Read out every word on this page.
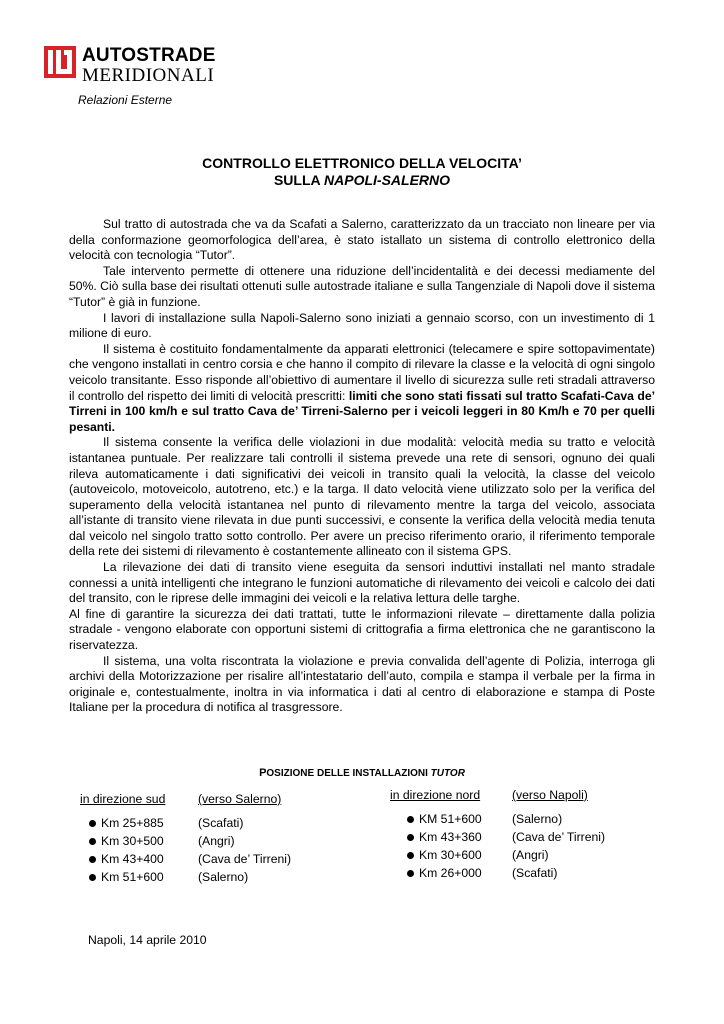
AUTOSTRADE
MERIDIONALI
Relazioni Esterne
CONTROLLO ELETTRONICO DELLA VELOCITA’
SULLA NAPOLI-SALERNO

Sul tratto di autostrada che va da Scafati a Salerno, caratterizzato da un tracciato non lineare per via della conformazione geomorfologica dell’area, è stato istallato un sistema di controllo elettronico della velocità con tecnologia “Tutor”.

Tale intervento permette di ottenere una riduzione dell’incidentalità e dei decessi mediamente del 50%. Ciò sulla base dei risultati ottenuti sulle autostrade italiane e sulla Tangenziale di Napoli dove il sistema “Tutor” è già in funzione.

I lavori di installazione sulla Napoli-Salerno sono iniziati a gennaio scorso, con un investimento di 1 milione di euro.

Il sistema è costituito fondamentalmente da apparati elettronici (telecamere e spire sottopavimentate) che vengono installati in centro corsia e che hanno il compito di rilevare la classe e la velocità di ogni singolo veicolo transitante. Esso risponde all’obiettivo di aumentare il livello di sicurezza sulle reti stradali attraverso il controllo del rispetto dei limiti di velocità prescritti: limiti che sono stati fissati sul tratto Scafati-Cava de’ Tirreni in 100 km/h e sul tratto Cava de’ Tirreni-Salerno per i veicoli leggeri in 80 Km/h e 70 per quelli pesanti.

Il sistema consente la verifica delle violazioni in due modalità: velocità media su tratto e velocità istantanea puntuale. Per realizzare tali controlli il sistema prevede una rete di sensori, ognuno dei quali rileva automaticamente i dati significativi dei veicoli in transito quali la velocità, la classe del veicolo (autoveicolo, motoveicolo, autotreno, etc.) e la targa. Il dato velocità viene utilizzato solo per la verifica del superamento della velocità istantanea nel punto di rilevamento mentre la targa del veicolo, associata all’istante di transito viene rilevata in due punti successivi, e consente la verifica della velocità media tenuta dal veicolo nel singolo tratto sotto controllo. Per avere un preciso riferimento orario, il riferimento temporale della rete dei sistemi di rilevamento è costantemente allineato con il sistema GPS.

La rilevazione dei dati di transito viene eseguita da sensori induttivi installati nel manto stradale connessi a unità intelligenti che integrano le funzioni automatiche di rilevamento dei veicoli e calcolo dei dati del transito, con le riprese delle immagini dei veicoli e la relativa lettura delle targhe.

Al fine di garantire la sicurezza dei dati trattati, tutte le informazioni rilevate – direttamente dalla polizia stradale - vengono elaborate con opportuni sistemi di crittografia a firma elettronica che ne garantiscono la riservatezza.

Il sistema, una volta riscontrata la violazione e previa convalida dell’agente di Polizia, interroga gli archivi della Motorizzazione per risalire all’intestatario dell’auto, compila e stampa il verbale per la firma in originale e, contestualmente, inoltra in via informatica i dati al centro di elaborazione e stampa di Poste Italiane per la procedura di notifica al trasgressore.

POSIZIONE DELLE INSTALLAZIONI TUTOR
in direzione sud	(verso Salerno)
Km 25+885	(Scafati)
Km 30+500	(Angri)
Km 43+400	(Cava de’ Tirreni)
Km 51+600	(Salerno)
in direzione nord	(verso Napoli)
KM 51+600	(Salerno)
Km 43+360	(Cava de’ Tirreni)
Km 30+600	(Angri)
Km 26+000	(Scafati)
Napoli, 14 aprile 2010
